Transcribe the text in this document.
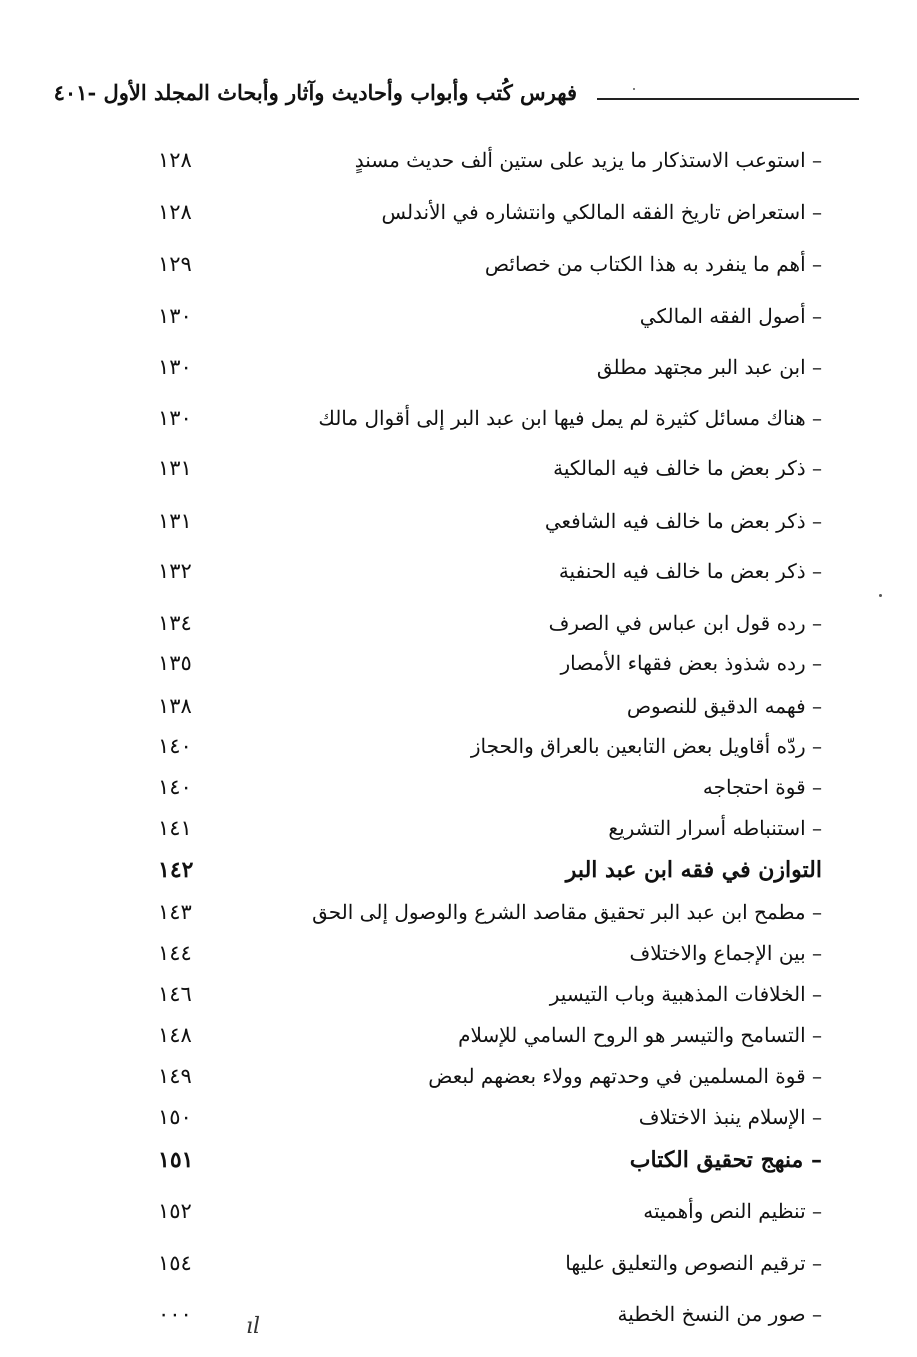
فهرس كُتب وأبواب وأحاديث وآثار وأبحاث المجلد الأول -٤٠١
– استوعب الاستذكار ما يزيد على ستين ألف حديث مسندٍ
١٢٨
– استعراض تاريخ الفقه المالكي وانتشاره في الأندلس
١٢٨
– أهم ما ينفرد به هذا الكتاب من خصائص
١٢٩
– أصول الفقه المالكي
١٣٠
– ابن عبد البر مجتهد مطلق
١٣٠
– هناك مسائل كثيرة لم يمل فيها ابن عبد البر إلى أقوال مالك
١٣٠
– ذكر بعض ما خالف فيه المالكية
١٣١
– ذكر بعض ما خالف فيه الشافعي
١٣١
– ذكر بعض ما خالف فيه الحنفية
١٣٢
– رده قول ابن عباس في الصرف
١٣٤
– رده شذوذ بعض فقهاء الأمصار
١٣٥
– فهمه الدقيق للنصوص
١٣٨
– ردّه أقاويل بعض التابعين بالعراق والحجاز
١٤٠
– قوة احتجاجه
١٤٠
– استنباطه أسرار التشريع
١٤١
التوازن في فقه ابن عبد البر
١٤٢
– مطمح ابن عبد البر تحقيق مقاصد الشرع والوصول إلى الحق
١٤٣
– بين الإجماع والاختلاف
١٤٤
– الخلافات المذهبية وباب التيسير
١٤٦
– التسامح والتيسر هو الروح السامي للإسلام
١٤٨
– قوة المسلمين في وحدتهم وولاء بعضهم لبعض
١٤٩
– الإسلام ينبذ الاختلاف
١٥٠
– منهج تحقيق الكتاب
١٥١
– تنظيم النص وأهميته
١٥٢
– ترقيم النصوص والتعليق عليها
١٥٤
– صور من النسخ الخطية
٠٠٠ ıl
